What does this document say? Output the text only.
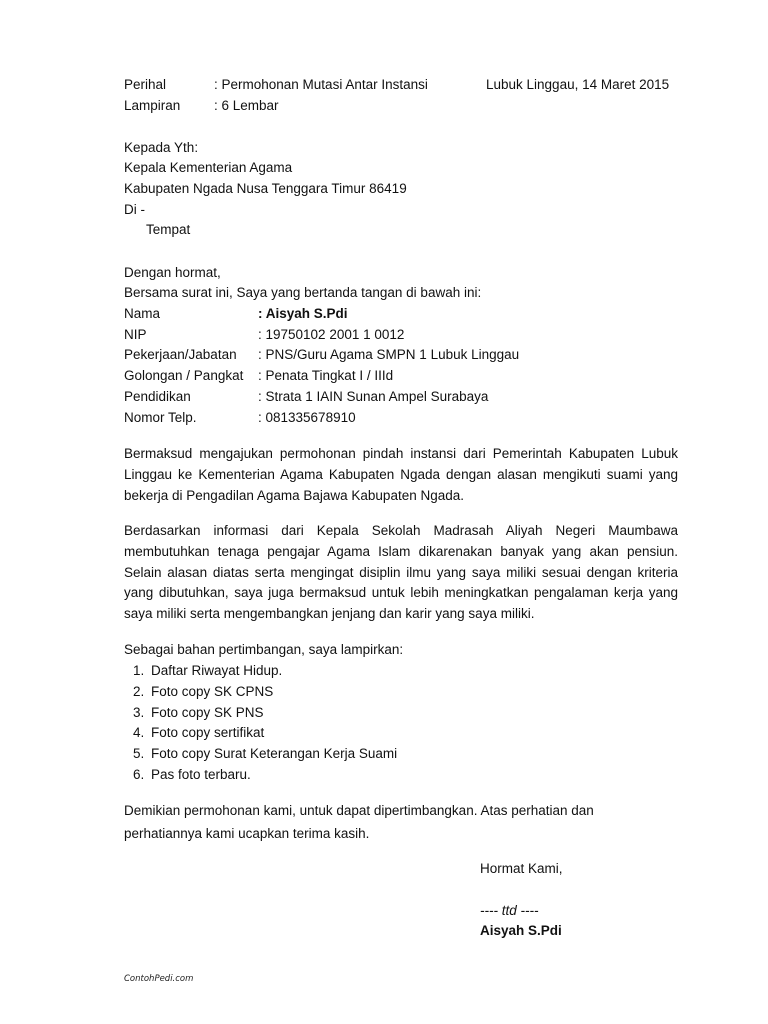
Perihal	: Permohonan Mutasi Antar Instansi	Lubuk Linggau, 14 Maret 2015
Lampiran : 6 Lembar
Kepada Yth:
Kepala Kementerian Agama
Kabupaten Ngada Nusa Tenggara Timur 86419
Di -
Tempat
Dengan hormat,
Bersama surat ini, Saya yang bertanda tangan di bawah ini:
Nama	: Aisyah S.Pdi
NIP	: 19750102 2001 1 0012
Pekerjaan/Jabatan : PNS/Guru Agama SMPN 1 Lubuk Linggau
Golongan / Pangkat : Penata Tingkat I / IIId
Pendidikan	: Strata 1 IAIN Sunan Ampel Surabaya
Nomor Telp.	: 081335678910
Bermaksud mengajukan permohonan pindah instansi dari Pemerintah Kabupaten Lubuk
Linggau ke Kementerian Agama Kabupaten Ngada dengan alasan mengikuti suami yang
bekerja di Pengadilan Agama Bajawa Kabupaten Ngada.
Berdasarkan informasi dari Kepala Sekolah Madrasah Aliyah Negeri Maumbawa
membutuhkan tenaga pengajar Agama Islam dikarenakan banyak yang akan pensiun.
Selain alasan diatas serta mengingat disiplin ilmu yang saya miliki sesuai dengan kriteria
yang dibutuhkan, saya juga bermaksud untuk lebih meningkatkan pengalaman kerja yang
saya miliki serta mengembangkan jenjang dan karir yang saya miliki.
Sebagai bahan pertimbangan, saya lampirkan:
1. Daftar Riwayat Hidup.
2. Foto copy SK CPNS
3. Foto copy SK PNS
4. Foto copy sertifikat
5. Foto copy Surat Keterangan Kerja Suami
6. Pas foto terbaru.
Demikian permohonan kami, untuk dapat dipertimbangkan. Atas perhatian dan
perhatiannya kami ucapkan terima kasih.
Hormat Kami,
---- ttd ----
Aisyah S.Pdi
ContohPedi.com
